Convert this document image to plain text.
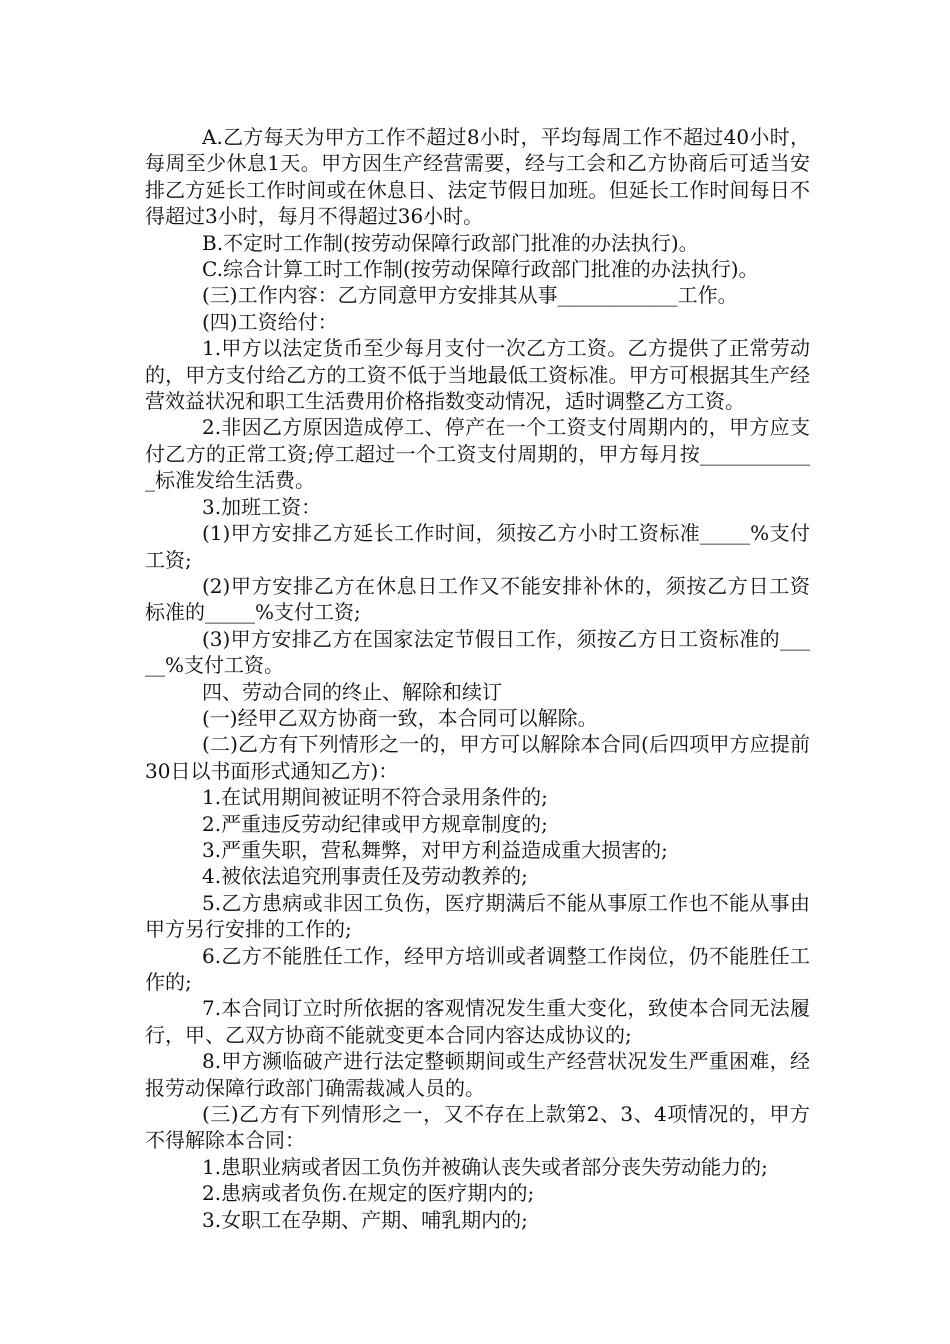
A.乙方每天为甲方工作不超过8小时，平均每周工作不超过40小时，每周至少休息1天。甲方因生产经营需要，经与工会和乙方协商后可适当安排乙方延长工作时间或在休息日、法定节假日加班。但延长工作时间每日不得超过3小时，每月不得超过36小时。

B.不定时工作制(按劳动保障行政部门批准的办法执行)。

C.综合计算工时工作制(按劳动保障行政部门批准的办法执行)。

(三)工作内容：乙方同意甲方安排其从事____________工作。

(四)工资给付：

1.甲方以法定货币至少每月支付一次乙方工资。乙方提供了正常劳动的，甲方支付给乙方的工资不低于当地最低工资标准。甲方可根据其生产经营效益状况和职工生活费用价格指数变动情况，适时调整乙方工资。

2.非因乙方原因造成停工、停产在一个工资支付周期内的，甲方应支付乙方的正常工资;停工超过一个工资支付周期的，甲方每月按____________标准发给生活费。

3.加班工资：

(1)甲方安排乙方延长工作时间，须按乙方小时工资标准_____%支付工资;

(2)甲方安排乙方在休息日工作又不能安排补休的，须按乙方日工资标准的_____%支付工资;

(3)甲方安排乙方在国家法定节假日工作，须按乙方日工资标准的_____%支付工资。

四、劳动合同的终止、解除和续订

(一)经甲乙双方协商一致，本合同可以解除。

(二)乙方有下列情形之一的，甲方可以解除本合同(后四项甲方应提前30日以书面形式通知乙方)：

1.在试用期间被证明不符合录用条件的;

2.严重违反劳动纪律或甲方规章制度的;

3.严重失职，营私舞弊，对甲方利益造成重大损害的;

4.被依法追究刑事责任及劳动教养的;

5.乙方患病或非因工负伤，医疗期满后不能从事原工作也不能从事由甲方另行安排的工作的;

6.乙方不能胜任工作，经甲方培训或者调整工作岗位，仍不能胜任工作的;

7.本合同订立时所依据的客观情况发生重大变化，致使本合同无法履行，甲、乙双方协商不能就变更本合同内容达成协议的;

8.甲方濒临破产进行法定整顿期间或生产经营状况发生严重困难，经报劳动保障行政部门确需裁减人员的。

(三)乙方有下列情形之一，又不存在上款第2、3、4项情况的，甲方不得解除本合同：

1.患职业病或者因工负伤并被确认丧失或者部分丧失劳动能力的;

2.患病或者负伤.在规定的医疗期内的;

3.女职工在孕期、产期、哺乳期内的;
